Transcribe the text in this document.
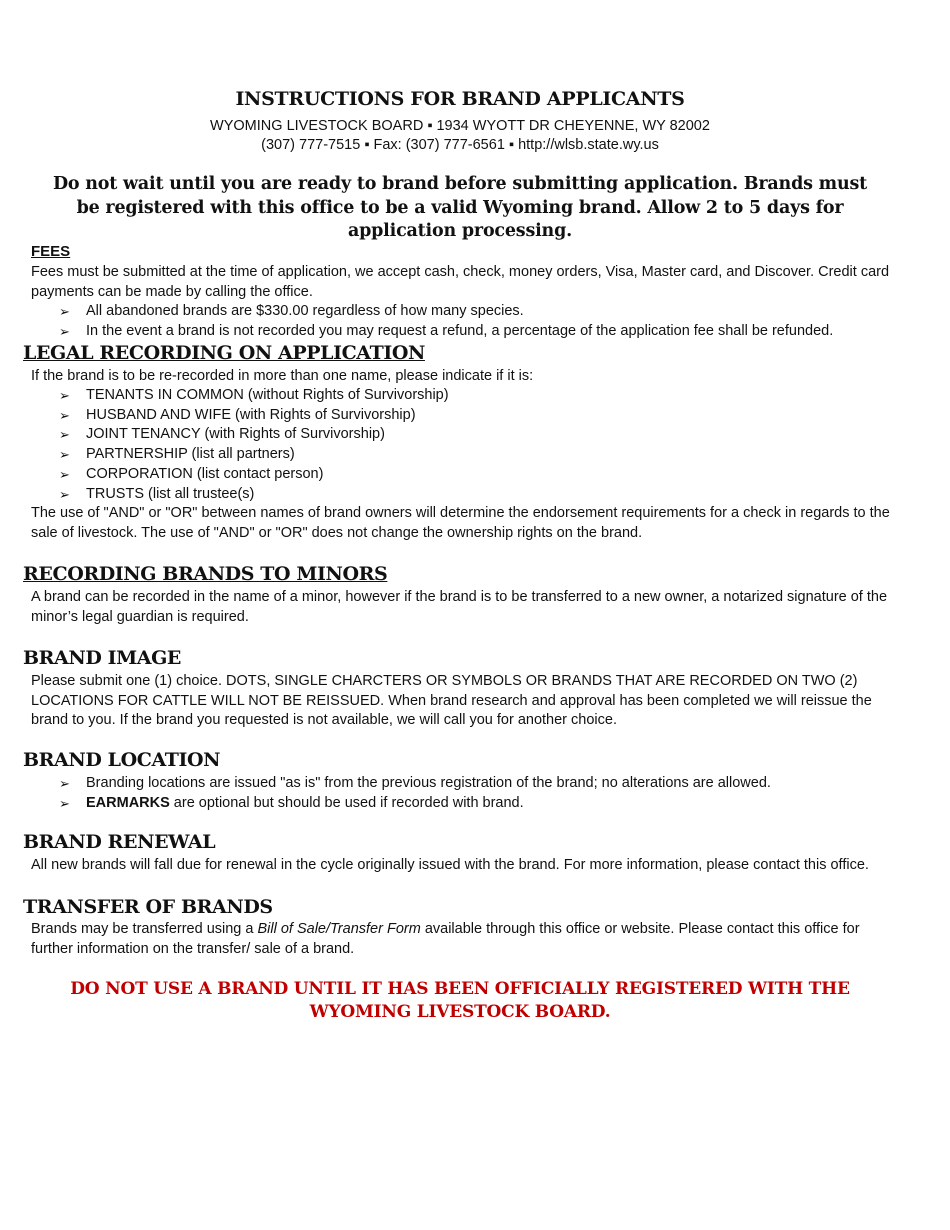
INSTRUCTIONS FOR BRAND APPLICANTS
WYOMING LIVESTOCK BOARD ▪ 1934 WYOTT DR CHEYENNE, WY 82002
(307) 777-7515 ▪ Fax: (307) 777-6561 ▪ http://wlsb.state.wy.us
Do not wait until you are ready to brand before submitting application. Brands must be registered with this office to be a valid Wyoming brand. Allow 2 to 5 days for application processing.
FEES
Fees must be submitted at the time of application, we accept cash, check, money orders, Visa, Master card, and Discover. Credit card payments can be made by calling the office.
➢ All abandoned brands are $330.00 regardless of how many species.
➢ In the event a brand is not recorded you may request a refund, a percentage of the application fee shall be refunded.
LEGAL RECORDING ON APPLICATION
If the brand is to be re-recorded in more than one name, please indicate if it is:
➢ TENANTS IN COMMON (without Rights of Survivorship)
➢ HUSBAND AND WIFE (with Rights of Survivorship)
➢ JOINT TENANCY (with Rights of Survivorship)
➢ PARTNERSHIP (list all partners)
➢ CORPORATION (list contact person)
➢ TRUSTS (list all trustee(s)
The use of "AND" or "OR" between names of brand owners will determine the endorsement requirements for a check in regards to the sale of livestock. The use of "AND" or "OR" does not change the ownership rights on the brand.
RECORDING BRANDS TO MINORS
A brand can be recorded in the name of a minor, however if the brand is to be transferred to a new owner, a notarized signature of the minor’s legal guardian is required.
BRAND IMAGE
Please submit one (1) choice. DOTS, SINGLE CHARCTERS OR SYMBOLS OR BRANDS THAT ARE RECORDED ON TWO (2) LOCATIONS FOR CATTLE WILL NOT BE REISSUED. When brand research and approval has been completed we will reissue the brand to you. If the brand you requested is not available, we will call you for another choice.
BRAND LOCATION
➢ Branding locations are issued "as is" from the previous registration of the brand; no alterations are allowed.
➢ EARMARKS are optional but should be used if recorded with brand.
BRAND RENEWAL
All new brands will fall due for renewal in the cycle originally issued with the brand. For more information, please contact this office.
TRANSFER OF BRANDS
Brands may be transferred using a Bill of Sale/Transfer Form available through this office or website. Please contact this office for further information on the transfer/ sale of a brand.
DO NOT USE A BRAND UNTIL IT HAS BEEN OFFICIALLY REGISTERED WITH THE WYOMING LIVESTOCK BOARD.
